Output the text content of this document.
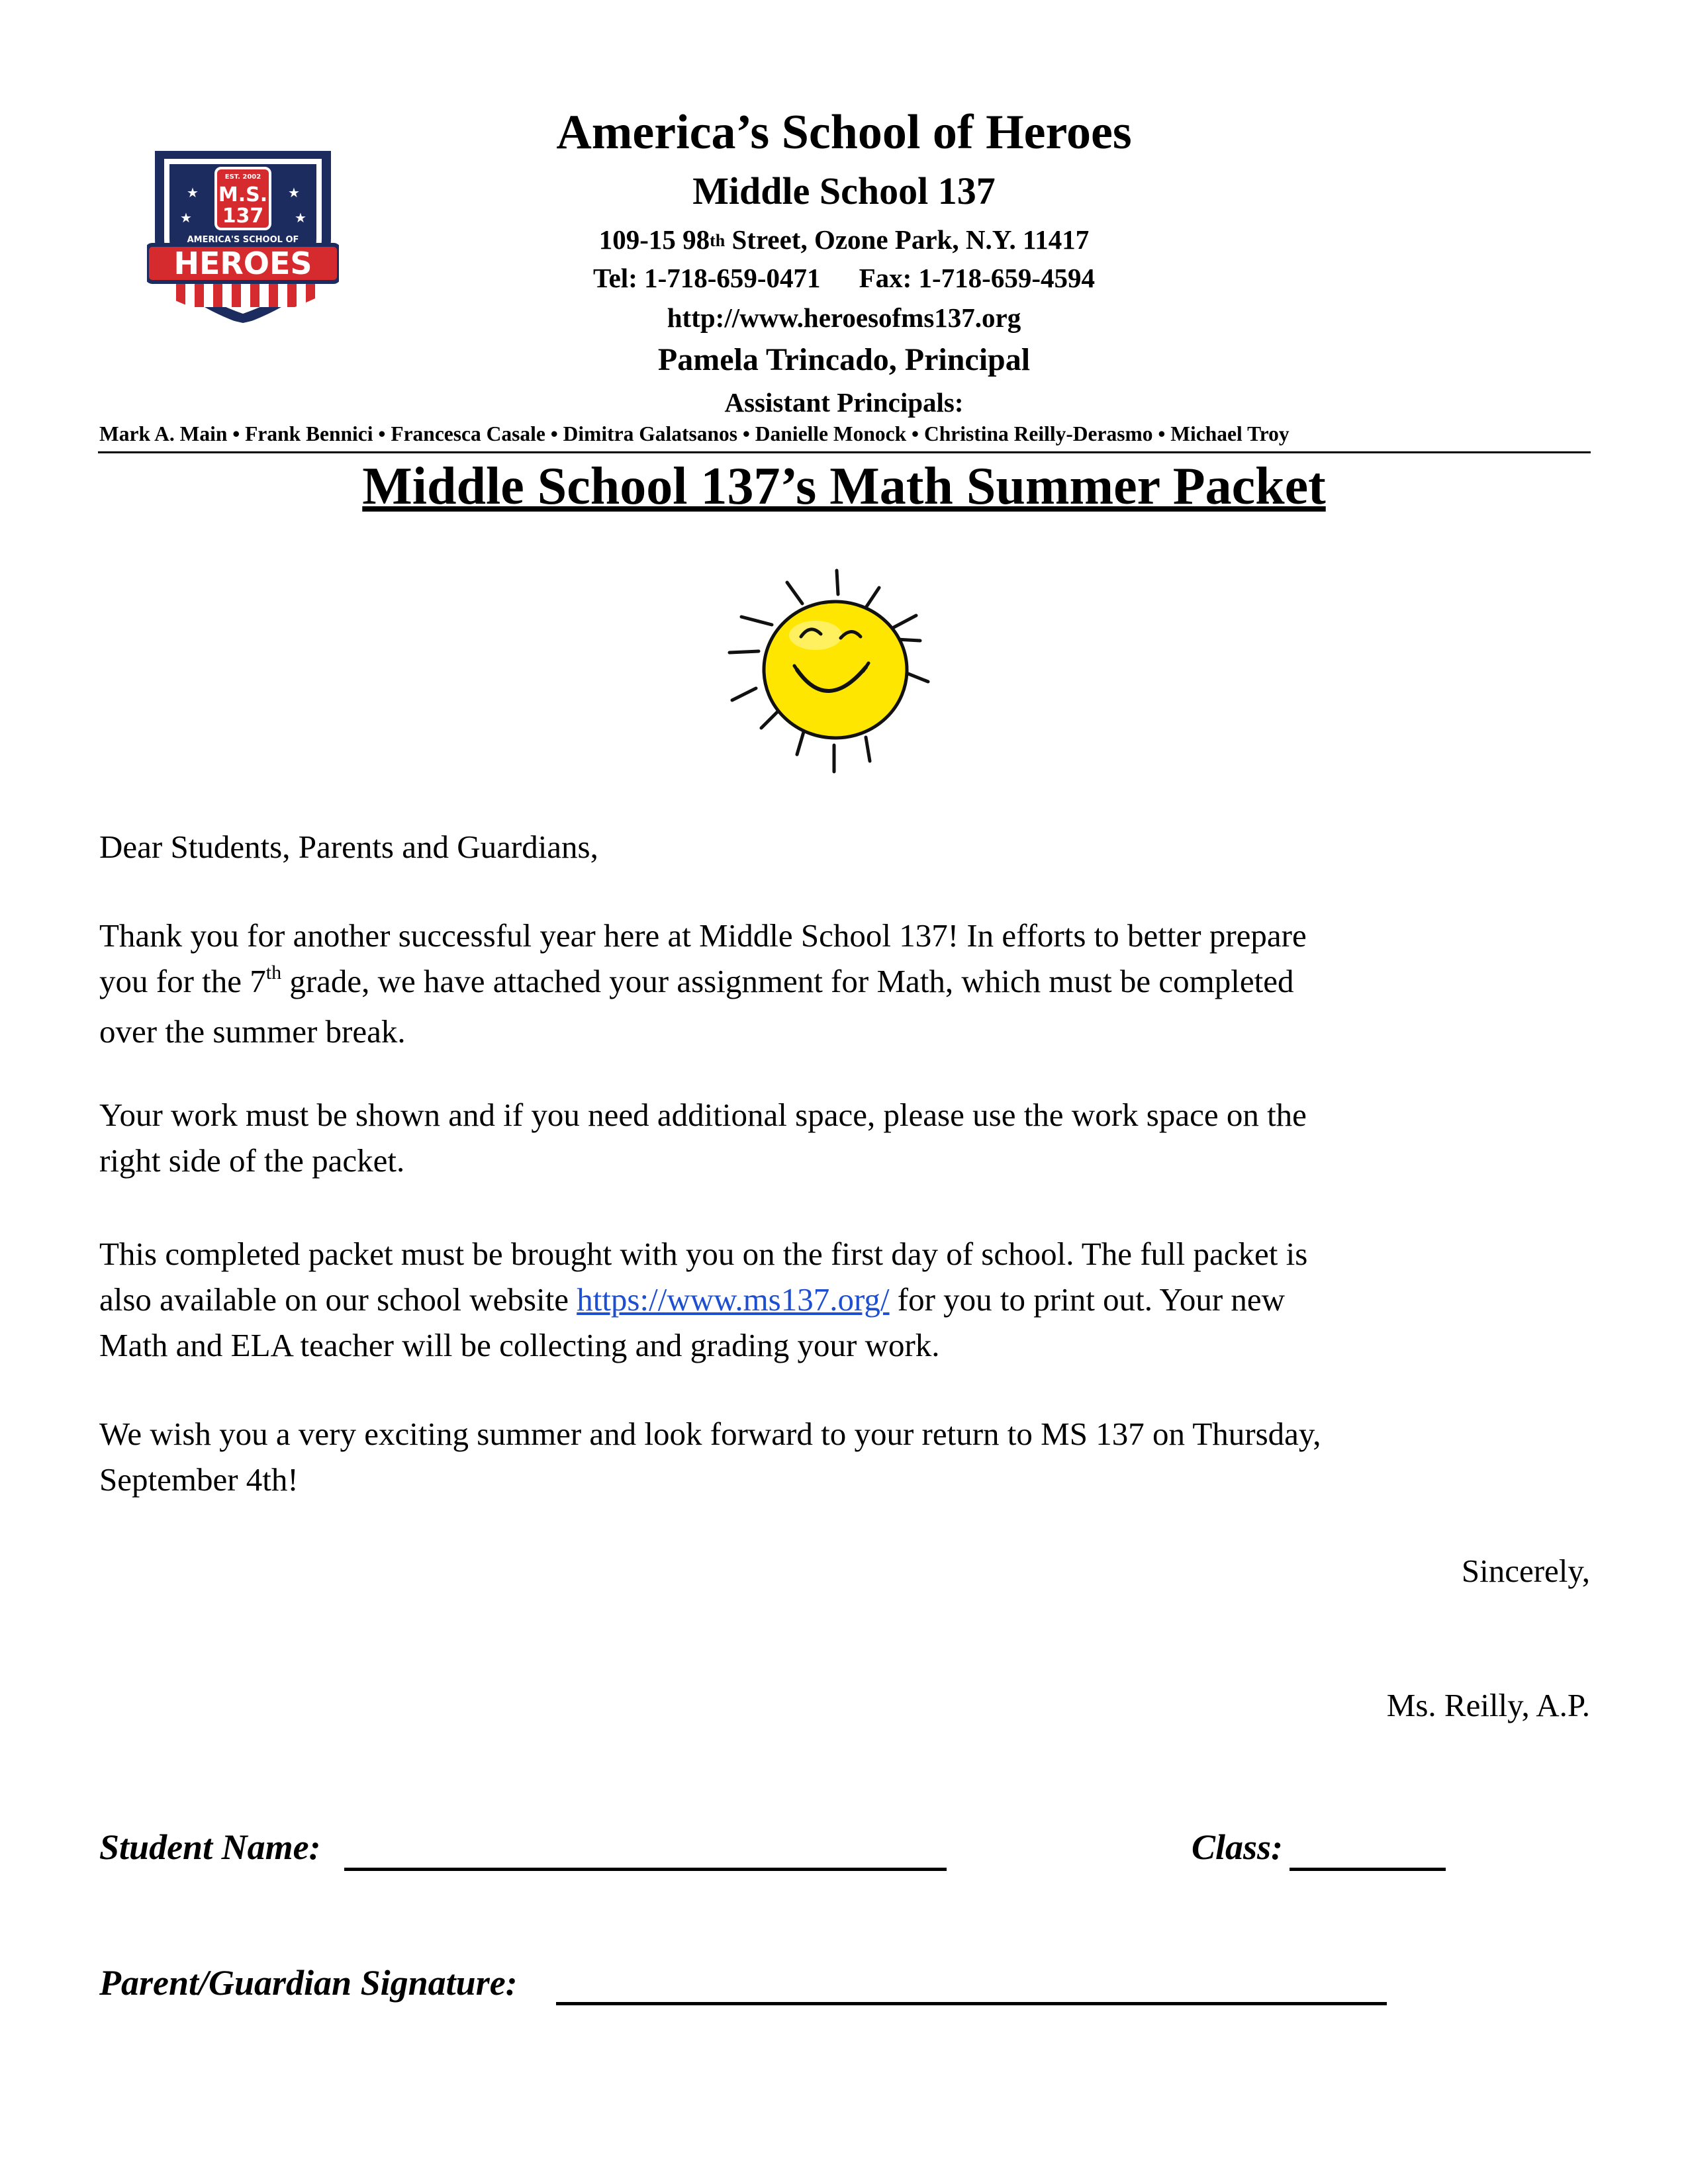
★	★
★	★
EST. 2002
M.S.
137
AMERICA'S SCHOOL OF
HEROES
America’s School of Heroes
Middle School 137
109-15 98th Street, Ozone Park, N.Y. 11417
Tel: 1-718-659-0471 Fax: 1-718-659-4594
http://www.heroesofms137.org
Pamela Trincado, Principal
Assistant Principals:
Mark A. Main • Frank Bennici • Francesca Casale • Dimitra Galatsanos • Danielle Monock • Christina Reilly-Derasmo • Michael Troy
Middle School 137’s Math Summer Packet
Dear Students, Parents and Guardians,
Thank you for another successful year here at Middle School 137! In efforts to better prepare
you for the 7th grade, we have attached your assignment for Math, which must be completed
over the summer break.
Your work must be shown and if you need additional space, please use the work space on the
right side of the packet.
This completed packet must be brought with you on the first day of school. The full packet is
also available on our school website https://www.ms137.org/ for you to print out. Your new
Math and ELA teacher will be collecting and grading your work.
We wish you a very exciting summer and look forward to your return to MS 137 on Thursday,
September 4th!
Sincerely,
Ms. Reilly, A.P.
Student Name:	Class:
Parent/Guardian Signature:
